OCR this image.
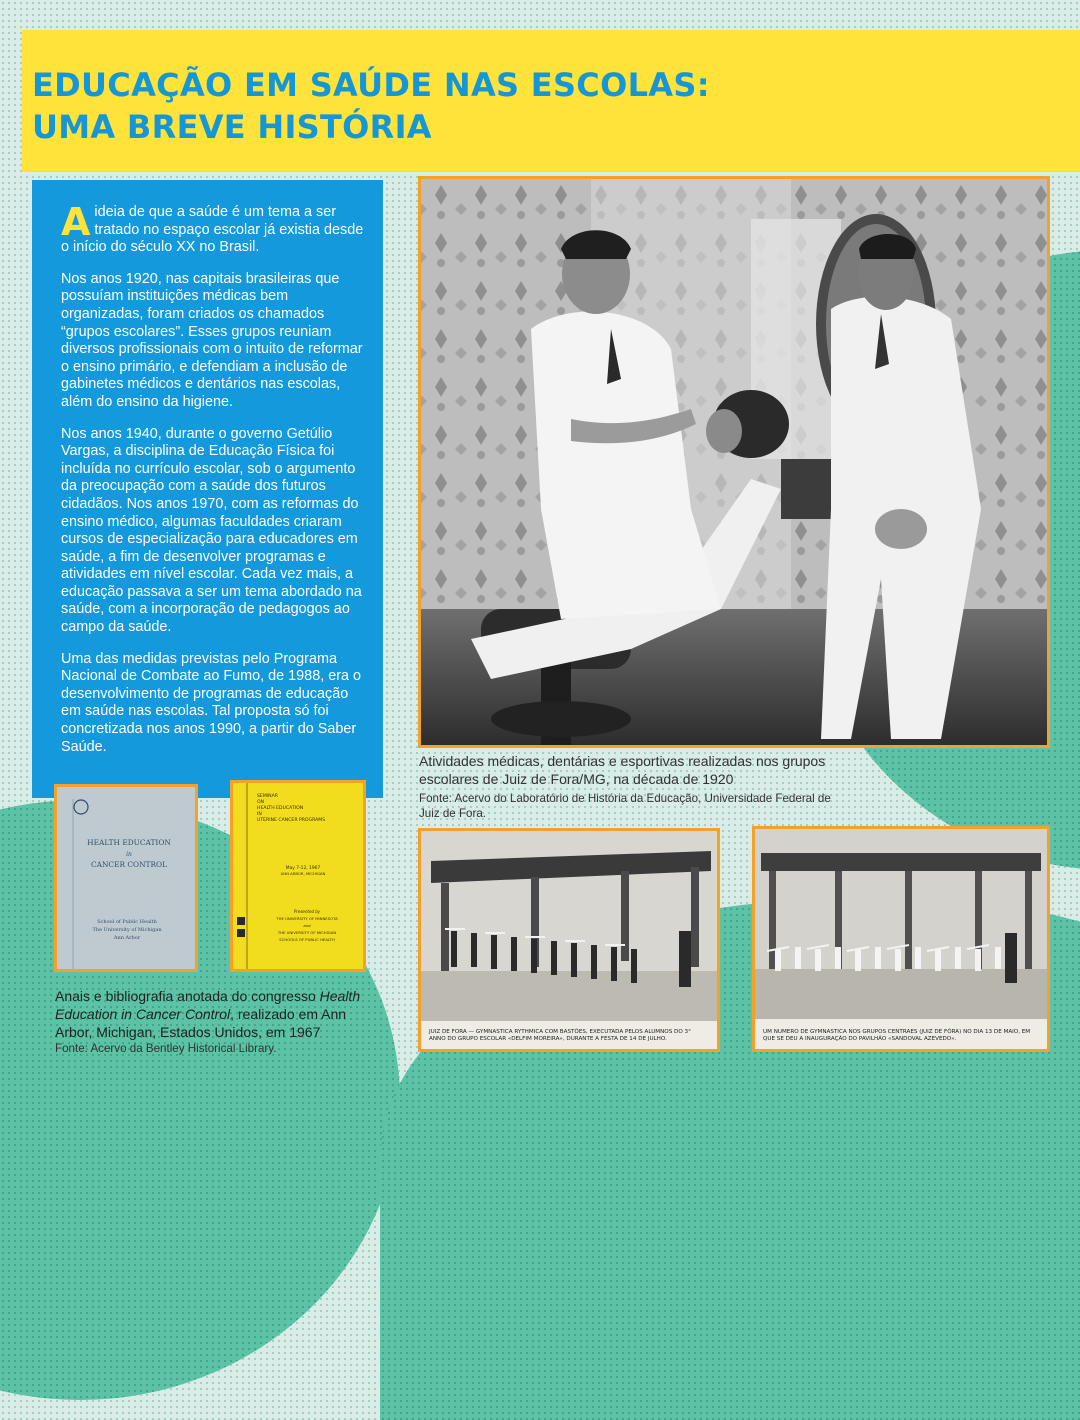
EDUCAÇÃO EM SAÚDE NAS ESCOLAS:
UMA BREVE HISTÓRIA

Aideia de que a saúde é um tema a ser tratado no espaço escolar já existia desde o início do século XX no Brasil.

Nos anos 1920, nas capitais brasileiras que possuíam instituições médicas bem organizadas, foram criados os chamados “grupos escolares”. Esses grupos reuniam diversos profissionais com o intuito de reformar o ensino primário, e defendiam a inclusão de gabinetes médicos e dentários nas escolas, além do ensino da higiene.

Nos anos 1940, durante o governo Getúlio Vargas, a disciplina de Educação Física foi incluída no currículo escolar, sob o argumento da preocupação com a saúde dos futuros cidadãos. Nos anos 1970, com as reformas do ensino médico, algumas faculdades criaram cursos de especialização para educadores em saúde, a fim de desenvolver programas e atividades em nível escolar. Cada vez mais, a educação passava a ser um tema abordado na saúde, com a incorporação de pedagogos ao campo da saúde.

Uma das medidas previstas pelo Programa Nacional de Combate ao Fumo, de 1988, era o desenvolvimento de programas de educação em saúde nas escolas. Tal proposta só foi concretizada nos anos 1990, a partir do Saber Saúde.

Atividades médicas, dentárias e esportivas realizadas nos grupos escolares de Juiz de Fora/MG, na década de 1920
Fonte: Acervo do Laboratório de História da Educação, Universidade Federal de Juiz de Fora.
HEALTH EDUCATION
in
CANCER CONTROL
School of Public Health
The University of Michigan
Ann Arbor
SEMINAR
ON
HEALTH EDUCATION
IN
UTERINE CANCER PROGRAMS
May 7-12, 1967
ANN ARBOR, MICHIGAN
Presented by
THE UNIVERSITY OF MINNESOTA
and
THE UNIVERSITY OF MICHIGAN
SCHOOLS OF PUBLIC HEALTH
Anais e bibliografia anotada do congresso Health Education in Cancer Control, realizado em Ann Arbor, Michigan, Estados Unidos, em 1967
Fonte: Acervo da Bentley Historical Library.
JUIZ DE FORA — GYMNASTICA RYTHMICA COM BASTÕES, EXECUTADA PELOS ALUMNOS DO 3° ANNO DO GRUPO ESCOLAR «DELFIM MOREIRA», DURANTE A FESTA DE 14 DE JULHO.
UM NUMERO DE GYMNASTICA NOS GRUPOS CENTRAES (JUIZ DE FÓRA) NO DIA 13 DE MAIO, EM QUE SE DEU A INAUGURAÇÃO DO PAVILHÃO «SANDOVAL AZEVEDO».
